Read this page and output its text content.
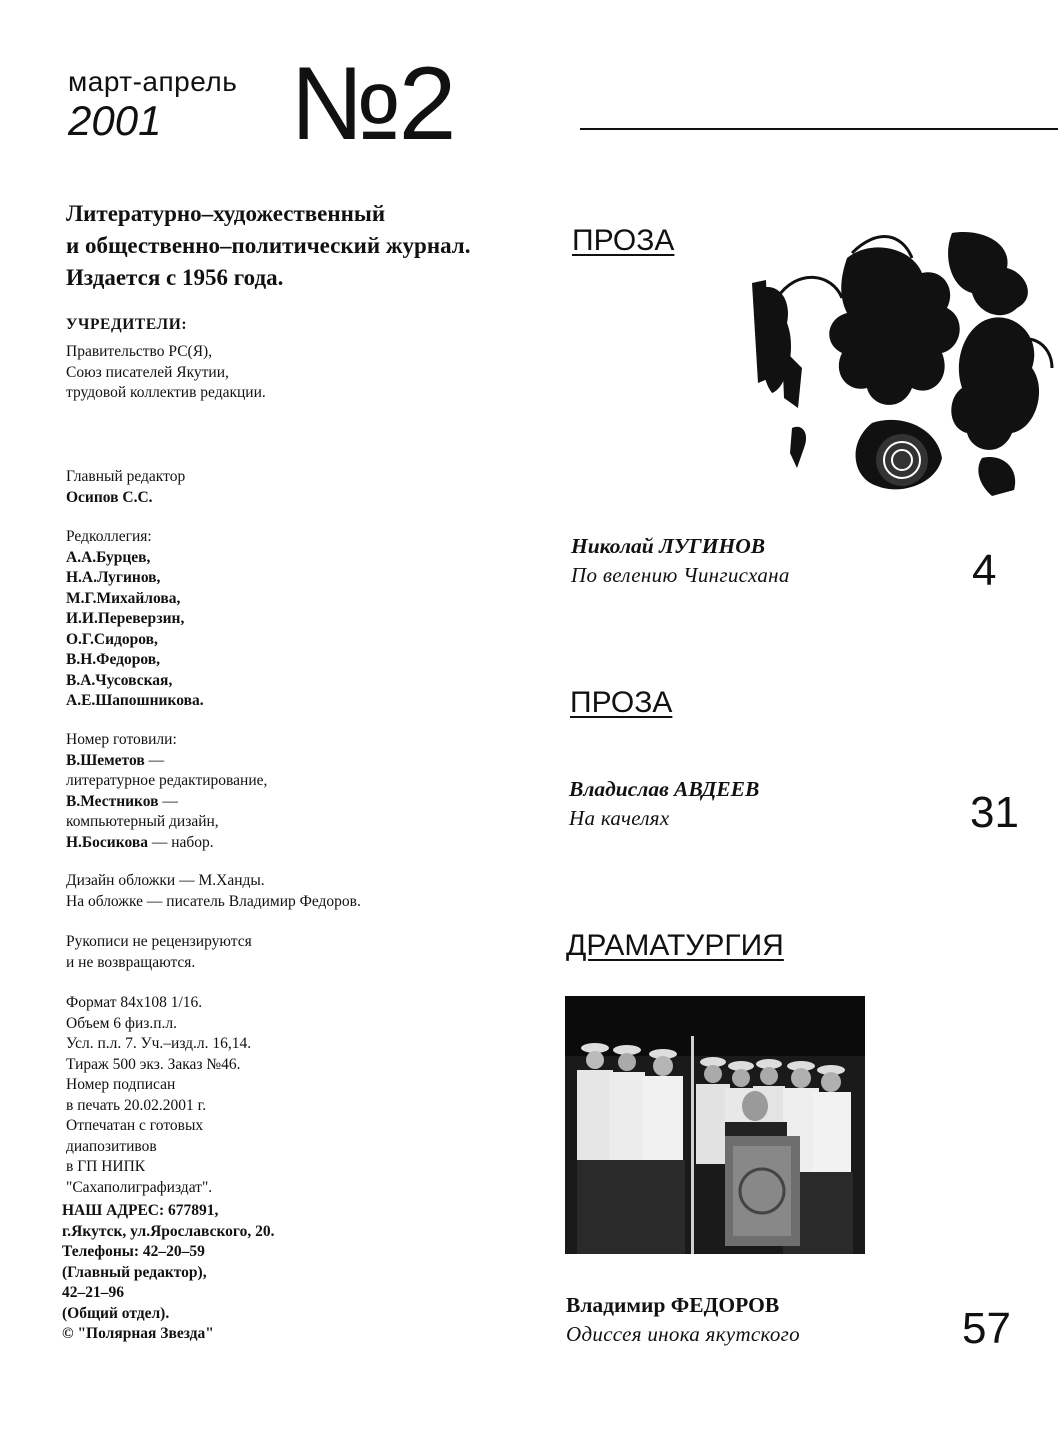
март-апрель
2001 №2
Литературно–художественный
и общественно–политический журнал.
Издается с 1956 года.
УЧРЕДИТЕЛИ:
Правительство РС(Я),
Союз писателей Якутии,
трудовой коллектив редакции.
Главный редактор
Осипов С.С.
Редколлегия:
А.А.Бурцев,
Н.А.Лугинов,
М.Г.Михайлова,
И.И.Переверзин,
О.Г.Сидоров,
В.Н.Федоров,
В.А.Чусовская,
А.Е.Шапошникова.
Номер готовили:
В.Шеметов —
литературное редактирование,
В.Местников —
компьютерный дизайн,
Н.Босикова — набор.
Дизайн обложки — М.Ханды.
На обложке — писатель Владимир Федоров.
Рукописи не рецензируются
и не возвращаются.
Формат 84х108 1/16.
Объем 6 физ.п.л.
Усл. п.л. 7. Уч.–изд.л. 16,14.
Тираж 500 экз. Заказ №46.
Номер подписан
в печать 20.02.2001 г.
Отпечатан с готовых
диапозитивов
в ГП НИПК
"Сахаполиграфиздат".
НАШ АДРЕС: 677891,
г.Якутск, ул.Ярославского, 20.
Телефоны: 42–20–59
(Главный редактор),
42–21–96
(Общий отдел).
© "Полярная Звезда"
ПРОЗА
Николай ЛУГИНОВ
По велению Чингисхана	4
ПРОЗА
Владислав АВДЕЕВ
На качелях	31
ДРАМАТУРГИЯ
Владимир ФЕДОРОВ
Одиссея инока якутского	57
